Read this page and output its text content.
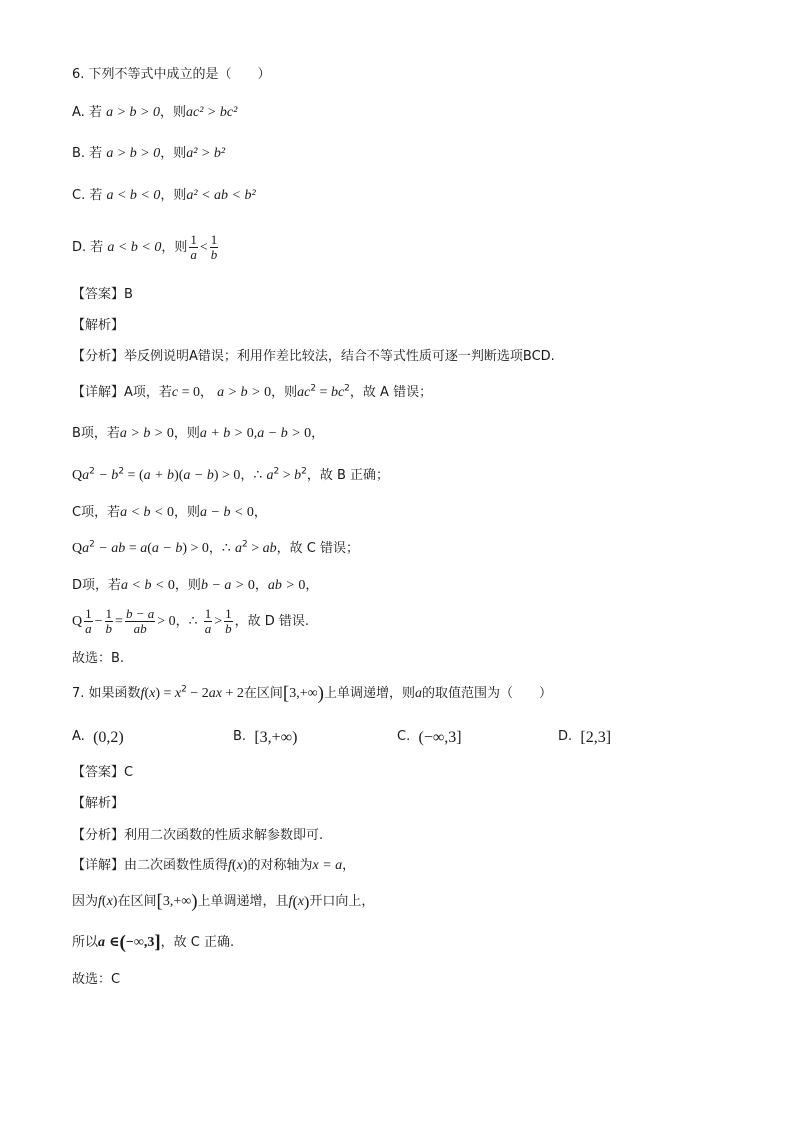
6. 下列不等式中成立的是（　　）
A. 若 a > b > 0，则ac² > bc²
B. 若 a > b > 0，则a² > b²
C. 若 a < b < 0，则a² < ab < b²
D. 若 a < b < 0，则 $\frac{1}{a} < \frac{1}{b}$
【答案】B
【解析】
【分析】举反例说明A错误；利用作差比较法，结合不等式性质可逐一判断选项BCD.
【详解】A项，若c = 0， a > b > 0，则$ac^2 = bc^2$，故 A 错误；
B项，若a > b > 0，则a + b > 0,a − b > 0，
$Qa^2 - b^2 = (a + b)(a - b) > 0$，∴ $a^2 > b^2$，故 B 正确；
C项，若a < b < 0，则a − b < 0，
$Qa^2$ − ab = a(a − b) > 0，∴ $a^2$ > ab，故 C 错误；
D项，若a < b < 0，则b − a > 0，ab > 0，
Q $\frac{1}{a} - \frac{1}{b} = \frac{b - a}{ab} > 0$，∴ $\frac{1}{a} > \frac{1}{b}$ ，故 D 错误.
故选：B.
7. 如果函数$f(x) = x^2 - 2ax + 2$在区间[3,+∞)上单调递增，则a的取值范围为（　　）
A. (0,2)	B. [3,+∞)	C. (−∞,3]	D. [2,3]
【答案】C
【解析】
【分析】利用二次函数的性质求解参数即可.
【详解】由二次函数性质得f(x)的对称轴为x = a，
因为f(x)在区间[3,+∞)上单调递增，且f(x)开口向上，
所以a ∈(−∞,3]，故 C 正确.
故选：C
